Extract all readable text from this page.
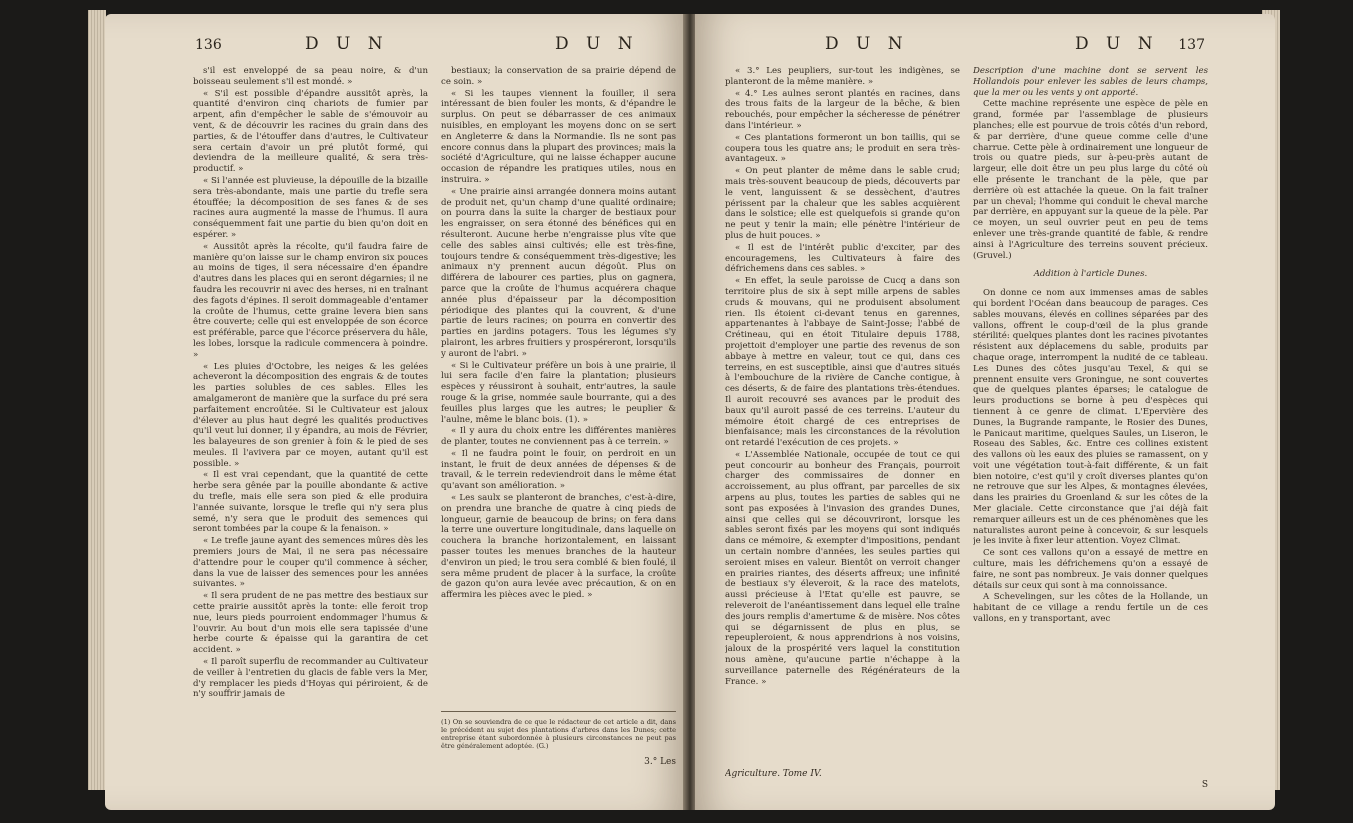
136	D U N	D U N

s'il est enveloppé de sa peau noire, & d'un boisseau seulement s'il est mondé. »

« S'il est possible d'épandre aussitôt après, la quantité d'environ cinq chariots de fumier par arpent, afin d'empêcher le sable de s'émouvoir au vent, & de découvrir les racines du grain dans des parties, & de l'étouffer dans d'autres, le Cultivateur sera certain d'avoir un pré plutôt formé, qui deviendra de la meilleure qualité, & sera très-productif. »

« Si l'année est pluvieuse, la dépouille de la bizaille sera très-abondante, mais une partie du trefle sera étouffée; la décomposition de ses fanes & de ses racines aura augmenté la masse de l'humus. Il aura conséquemment fait une partie du bien qu'on doit en espérer. »

« Aussitôt après la récolte, qu'il faudra faire de manière qu'on laisse sur le champ environ six pouces au moins de tiges, il sera nécessaire d'en épandre d'autres dans les places qui en seront dégarnies; il ne faudra les recouvrir ni avec des herses, ni en traînant des fagots d'épines. Il seroit dommageable d'entamer la croûte de l'humus, cette graine levera bien sans être couverte; celle qui est enveloppée de son écorce est préférable, parce que l'écorce préservera du hâle, les lobes, lorsque la radicule commencera à poindre. »

« Les pluies d'Octobre, les neiges & les gelées acheveront la décomposition des engrais & de toutes les parties solubles de ces sables. Elles les amalgameront de manière que la surface du pré sera parfaitement encroûtée. Si le Cultivateur est jaloux d'élever au plus haut degré les qualités productives qu'il veut lui donner, il y épandra, au mois de Février, les balayeures de son grenier à foin & le pied de ses meules. Il l'avivera par ce moyen, autant qu'il est possible. »

« Il est vrai cependant, que la quantité de cette herbe sera gênée par la pouille abondante & active du trefle, mais elle sera son pied & elle produira l'année suivante, lorsque le trefle qui n'y sera plus semé, n'y sera que le produit des semences qui seront tombées par la coupe & la fenaison. »

« Le trefle jaune ayant des semences mûres dès les premiers jours de Mai, il ne sera pas nécessaire d'attendre pour le couper qu'il commence à sécher, dans la vue de laisser des semences pour les années suivantes. »

« Il sera prudent de ne pas mettre des bestiaux sur cette prairie aussitôt après la tonte: elle feroit trop nue, leurs pieds pourroient endommager l'humus & l'ouvrir. Au bout d'un mois elle sera tapissée d'une herbe courte & épaisse qui la garantira de cet accident. »

« Il paroît superflu de recommander au Cultivateur de veiller à l'entretien du glacis de fable vers la Mer, d'y remplacer les pieds d'Hoyas qui périroient, & de n'y souffrir jamais de

bestiaux; la conservation de sa prairie dépend de ce soin. »

« Si les taupes viennent la fouiller, il sera intéressant de bien fouler les monts, & d'épandre le surplus. On peut se débarrasser de ces animaux nuisibles, en employant les moyens donc on se sert en Angleterre & dans la Normandie. Ils ne sont pas encore connus dans la plupart des provinces; mais la société d'Agriculture, qui ne laisse échapper aucune occasion de répandre les pratiques utiles, nous en instruira. »

« Une prairie ainsi arrangée donnera moins autant de produit net, qu'un champ d'une qualité ordinaire; on pourra dans la suite la charger de bestiaux pour les engraisser, on sera étonné des bénéfices qui en résulteront. Aucune herbe n'engraisse plus vîte que celle des sables ainsi cultivés; elle est très-fine, toujours tendre & conséquemment très-digestive; les animaux n'y prennent aucun dégoût. Plus on différera de labourer ces parties, plus on gagnera, parce que la croûte de l'humus acquérera chaque année plus d'épaisseur par la décomposition périodique des plantes qui la couvrent, & d'une partie de leurs racines; on pourra en convertir des parties en jardins potagers. Tous les légumes s'y plairont, les arbres fruitiers y prospéreront, lorsqu'ils y auront de l'abri. »

« Si le Cultivateur préfère un bois à une prairie, il lui sera facile d'en faire la plantation; plusieurs espèces y réussiront à souhait, entr'autres, la saule rouge & la grise, nommée saule bourrante, qui a des feuilles plus larges que les autres; le peuplier & l'aulne, même le blanc bois. (1). »

« Il y aura du choix entre les différentes manières de planter, toutes ne conviennent pas à ce terrein. »

« Il ne faudra point le fouir, on perdroit en un instant, le fruit de deux années de dépenses & de travail, & le terrein redeviendroit dans le même état qu'avant son amélioration. »

« Les saulx se planteront de branches, c'est-à-dire, on prendra une branche de quatre à cinq pieds de longueur, garnie de beaucoup de brins; on fera dans la terre une ouverture longitudinale, dans laquelle on couchera la branche horizontalement, en laissant passer toutes les menues branches de la hauteur d'environ un pied; le trou sera comblé & bien foulé, il sera même prudent de placer à la surface, la croûte de gazon qu'on aura levée avec précaution, & on en affermira les pièces avec le pied. »

(1) On se souviendra de ce que le rédacteur de cet article a dit, dans le précédent au sujet des plantations d'arbres dans les Dunes; cette entreprise étant subordonnée à plusieurs circonstances ne peut pas être généralement adoptée. (G.)
3.° Les
D U N	D U N 137

« 3.° Les peupliers, sur-tout les indigènes, se planteront de la même manière. »

« 4.° Les aulnes seront plantés en racines, dans des trous faits de la largeur de la bêche, & bien rebouchés, pour empêcher la sécheresse de pénétrer dans l'intérieur. »

« Ces plantations formeront un bon taillis, qui se coupera tous les quatre ans; le produit en sera très-avantageux. »

« On peut planter de même dans le sable crud; mais très-souvent beaucoup de pieds, découverts par le vent, languissent & se dessèchent, d'autres périssent par la chaleur que les sables acquièrent dans le solstice; elle est quelquefois si grande qu'on ne peut y tenir la main; elle pénètre l'intérieur de plus de huit pouces. »

« Il est de l'intérêt public d'exciter, par des encouragemens, les Cultivateurs à faire des défrichemens dans ces sables. »

« En effet, la seule paroisse de Cucq a dans son territoire plus de six à sept mille arpens de sables cruds & mouvans, qui ne produisent absolument rien. Ils étoient ci-devant tenus en garennes, appartenantes à l'abbaye de Saint-Josse; l'abbé de Crétineau, qui en étoit Titulaire depuis 1788, projettoit d'employer une partie des revenus de son abbaye à mettre en valeur, tout ce qui, dans ces terreins, en est susceptible, ainsi que d'autres situés à l'embouchure de la rivière de Canche contigue, à ces déserts, & de faire des plantations très-étendues. Il auroit recouvré ses avances par le produit des baux qu'il auroit passé de ces terreins. L'auteur du mémoire étoit chargé de ces entreprises de bienfaisance; mais les circonstances de la révolution ont retardé l'exécution de ces projets. »

« L'Assemblée Nationale, occupée de tout ce qui peut concourir au bonheur des Français, pourroit charger des commissaires de donner en accroissement, au plus offrant, par parcelles de six arpens au plus, toutes les parties de sables qui ne sont pas exposées à l'invasion des grandes Dunes, ainsi que celles qui se découvriront, lorsque les sables seront fixés par les moyens qui sont indiqués dans ce mémoire, & exempter d'impositions, pendant un certain nombre d'années, les seules parties qui seroient mises en valeur. Bientôt on verroit changer en prairies riantes, des déserts affreux; une infinité de bestiaux s'y éleveroit, & la race des matelots, aussi précieuse à l'Etat qu'elle est pauvre, se releveroit de l'anéantissement dans lequel elle traîne des jours remplis d'amertume & de misère. Nos côtes qui se dégarnissent de plus en plus, se repeupleroient, & nous apprendrions à nos voisins, jaloux de la prospérité vers laquel la constitution nous amène, qu'aucune partie n'échappe à la surveillance paternelle des Régénérateurs de la France. »

Agriculture. Tome IV.

Description d'une machine dont se servent les Hollandois pour enlever les sables de leurs champs, que la mer ou les vents y ont apporté.

Cette machine représente une espèce de pèle en grand, formée par l'assemblage de plusieurs planches; elle est pourvue de trois côtés d'un rebord, & par derrière, d'une queue comme celle d'une charrue. Cette pèle à ordinairement une longueur de trois ou quatre pieds, sur à-peu-près autant de largeur, elle doit être un peu plus large du côté où elle présente le tranchant de la pèle, que par derrière où est attachée la queue. On la fait traîner par un cheval; l'homme qui conduit le cheval marche par derrière, en appuyant sur la queue de la pèle. Par ce moyen, un seul ouvrier peut en peu de tems enlever une très-grande quantité de fable, & rendre ainsi à l'Agriculture des terreins souvent précieux. (Gruvel.)

Addition à l'article Dunes.

On donne ce nom aux immenses amas de sables qui bordent l'Océan dans beaucoup de parages. Ces sables mouvans, élevés en collines séparées par des vallons, offrent le coup-d'œil de la plus grande stérilité: quelques plantes dont les racines pivotantes résistent aux déplacemens du sable, produits par chaque orage, interrompent la nudité de ce tableau. Les Dunes des côtes jusqu'au Texel, & qui se prennent ensuite vers Groningue, ne sont couvertes que de quelques plantes éparses; le catalogue de leurs productions se borne à peu d'espèces qui tiennent à ce genre de climat. L'Epervière des Dunes, la Bugrande rampante, le Rosier des Dunes, le Panicaut maritime, quelques Saules, un Liseron, le Roseau des Sables, &c. Entre ces collines existent des vallons où les eaux des pluies se ramassent, on y voit une végétation tout-à-fait différente, & un fait bien notoire, c'est qu'il y croît diverses plantes qu'on ne retrouve que sur les Alpes, & montagnes élevées, dans les prairies du Groenland & sur les côtes de la Mer glaciale. Cette circonstance que j'ai déjà fait remarquer ailleurs est un de ces phénomènes que les naturalistes auront peine à concevoir, & sur lesquels je les invite à fixer leur attention. Voyez Climat.

Ce sont ces vallons qu'on a essayé de mettre en culture, mais les défrichemens qu'on a essayé de faire, ne sont pas nombreux. Je vais donner quelques détails sur ceux qui sont à ma connoissance.

A Schevelingen, sur les côtes de la Hollande, un habitant de ce village a rendu fertile un de ces vallons, en y transportant, avec

S
